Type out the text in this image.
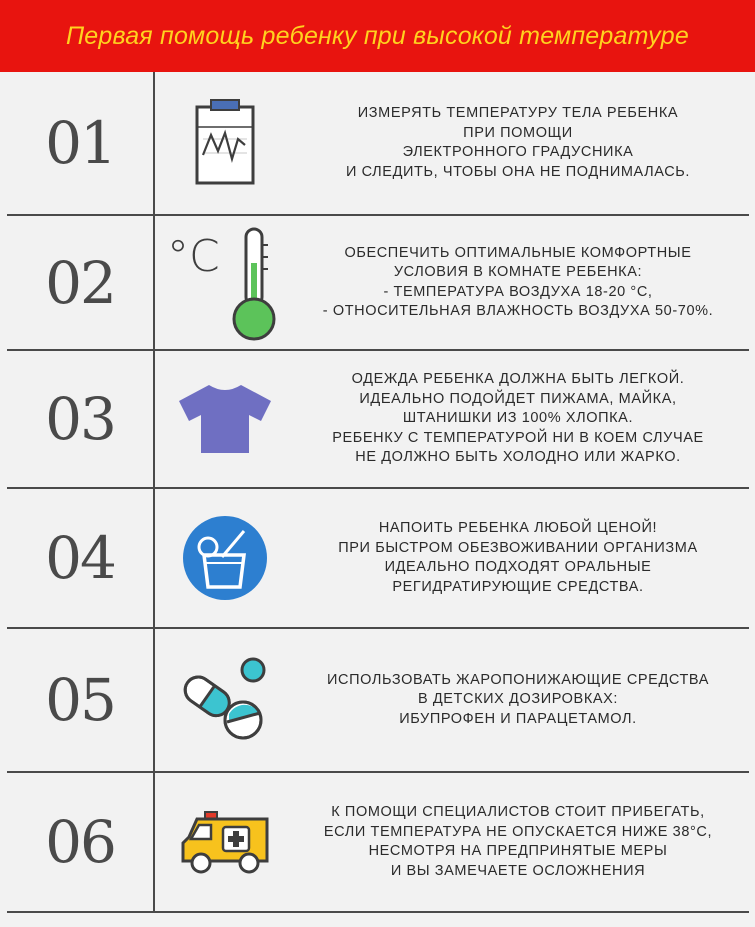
Первая помощь ребенку при высокой температуре
01	ИЗМЕРЯТЬ ТЕМПЕРАТУРУ ТЕЛА РЕБЕНКА
ПРИ ПОМОЩИ
ЭЛЕКТРОННОГО ГРАДУСНИКА
И СЛЕДИТЬ, ЧТОБЫ ОНА НЕ ПОДНИМАЛАСЬ.
02 °C	ОБЕСПЕЧИТЬ ОПТИМАЛЬНЫЕ КОМФОРТНЫЕ
УСЛОВИЯ В КОМНАТЕ РЕБЕНКА:
- ТЕМПЕРАТУРА ВОЗДУХА 18-20 °С,
- ОТНОСИТЕЛЬНАЯ ВЛАЖНОСТЬ ВОЗДУХА 50-70%.
03
ОДЕЖДА РЕБЕНКА ДОЛЖНА БЫТЬ ЛЕГКОЙ.
ИДЕАЛЬНО ПОДОЙДЕТ ПИЖАМА, МАЙКА,
ШТАНИШКИ ИЗ 100% ХЛОПКА.
РЕБЕНКУ С ТЕМПЕРАТУРОЙ НИ В КОЕМ СЛУЧАЕ
НЕ ДОЛЖНО БЫТЬ ХОЛОДНО ИЛИ ЖАРКО.
04	НАПОИТЬ РЕБЕНКА ЛЮБОЙ ЦЕНОЙ!
ПРИ БЫСТРОМ ОБЕЗВОЖИВАНИИ ОРГАНИЗМА
ИДЕАЛЬНО ПОДХОДЯТ ОРАЛЬНЫЕ
РЕГИДРАТИРУЮЩИЕ СРЕДСТВА.
05	ИСПОЛЬЗОВАТЬ ЖАРОПОНИЖАЮЩИЕ СРЕДСТВА
В ДЕТСКИХ ДОЗИРОВКАХ:
ИБУПРОФЕН И ПАРАЦЕТАМОЛ.
06	К ПОМОЩИ СПЕЦИАЛИСТОВ СТОИТ ПРИБЕГАТЬ,
ЕСЛИ ТЕМПЕРАТУРА НЕ ОПУСКАЕТСЯ НИЖЕ 38°С,
НЕСМОТРЯ НА ПРЕДПРИНЯТЫЕ МЕРЫ
И ВЫ ЗАМЕЧАЕТЕ ОСЛОЖНЕНИЯ
